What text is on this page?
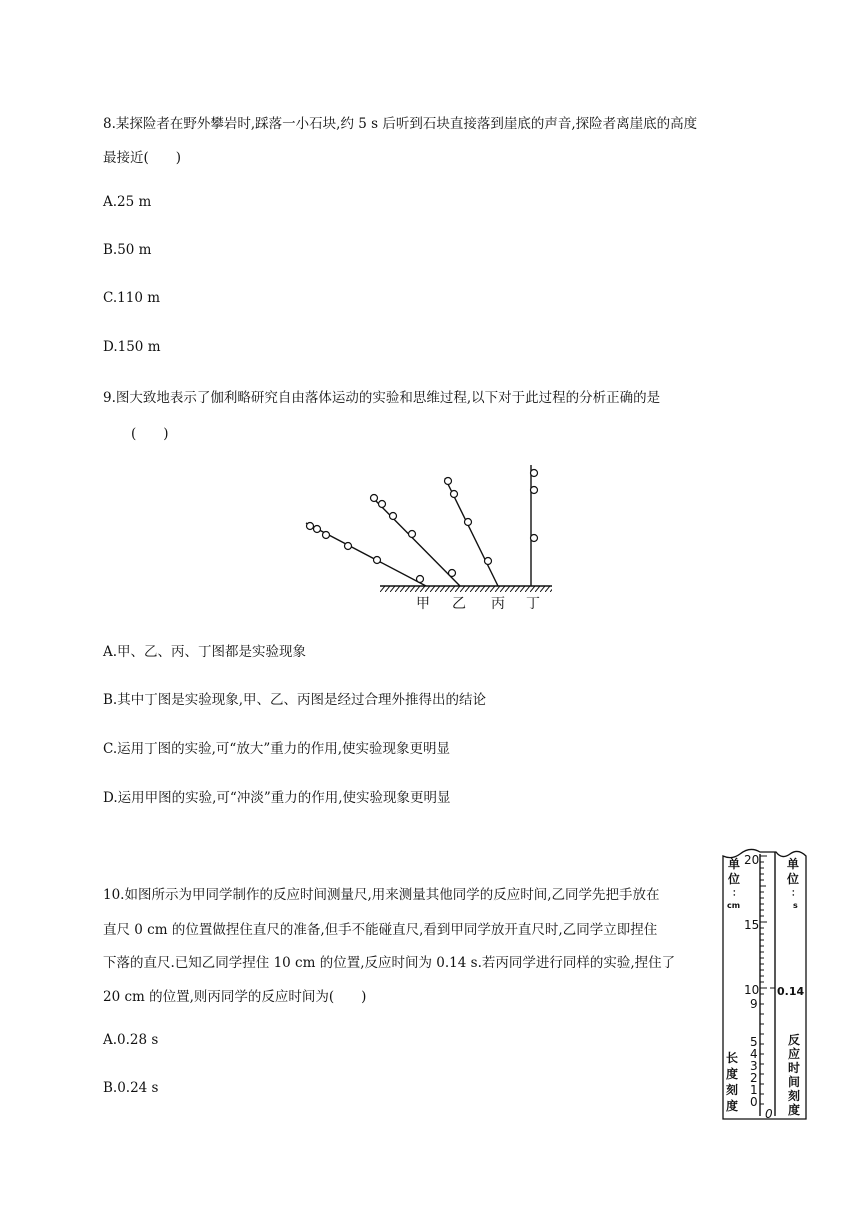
8.某探险者在野外攀岩时,踩落一小石块,约 5 s 后听到石块直接落到崖底的声音,探险者离崖底的高度
最接近(　　)
A.25 m
B.50 m
C.110 m
D.150 m
9.图大致地表示了伽利略研究自由落体运动的实验和思维过程,以下对于此过程的分析正确的是
(　　)
甲 乙 丙 丁
A.甲、乙、丙、丁图都是实验现象
B.其中丁图是实验现象,甲、乙、丙图是经过合理外推得出的结论
C.运用丁图的实验,可“放大”重力的作用,使实验现象更明显
D.运用甲图的实验,可“冲淡”重力的作用,使实验现象更明显
10.如图所示为甲同学制作的反应时间测量尺,用来测量其他同学的反应时间,乙同学先把手放在
直尺 0 cm 的位置做捏住直尺的准备,但手不能碰直尺,看到甲同学放开直尺时,乙同学立即捏住
下落的直尺.已知乙同学捏住 10 cm 的位置,反应时间为 0.14 s.若丙同学进行同样的实验,捏住了
20 cm 的位置,则丙同学的反应时间为(　　)
A.0.28 s
B.0.24 s
单
位
：
cm
单
位
：
s
20
15
10
9
5
4
3
2
1
0
0.14
0
长
度
刻
度
反
应
时
间
刻
度
